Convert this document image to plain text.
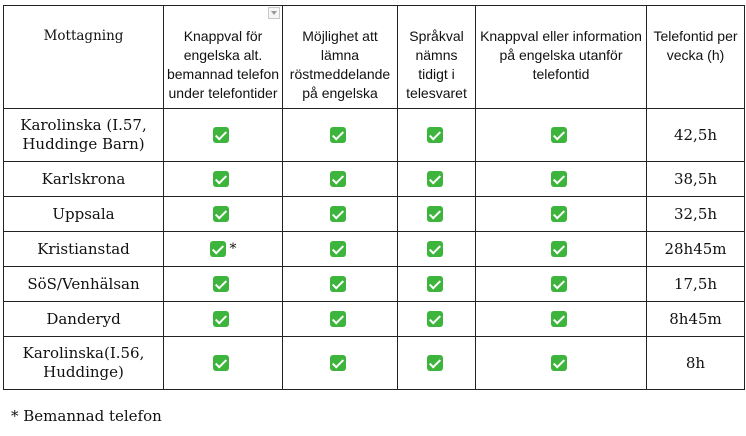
Mottagning	Knappval för engelska alt. bemannad telefon under telefontider	Möjlighet att lämna röstmeddelande på engelska	Språkval nämns tidigt i telesvaret	Knappval eller information på engelska utanför telefontid	Telefontid per vecka (h)
Karolinska (I.57, Huddinge Barn)					42,5h
Karlskrona					38,5h
Uppsala					32,5h
Kristianstad	*				28h45m
SöS/Venhälsan					17,5h
Danderyd					8h45m
Karolinska(I.56, Huddinge)					8h

* Bemannad telefon
